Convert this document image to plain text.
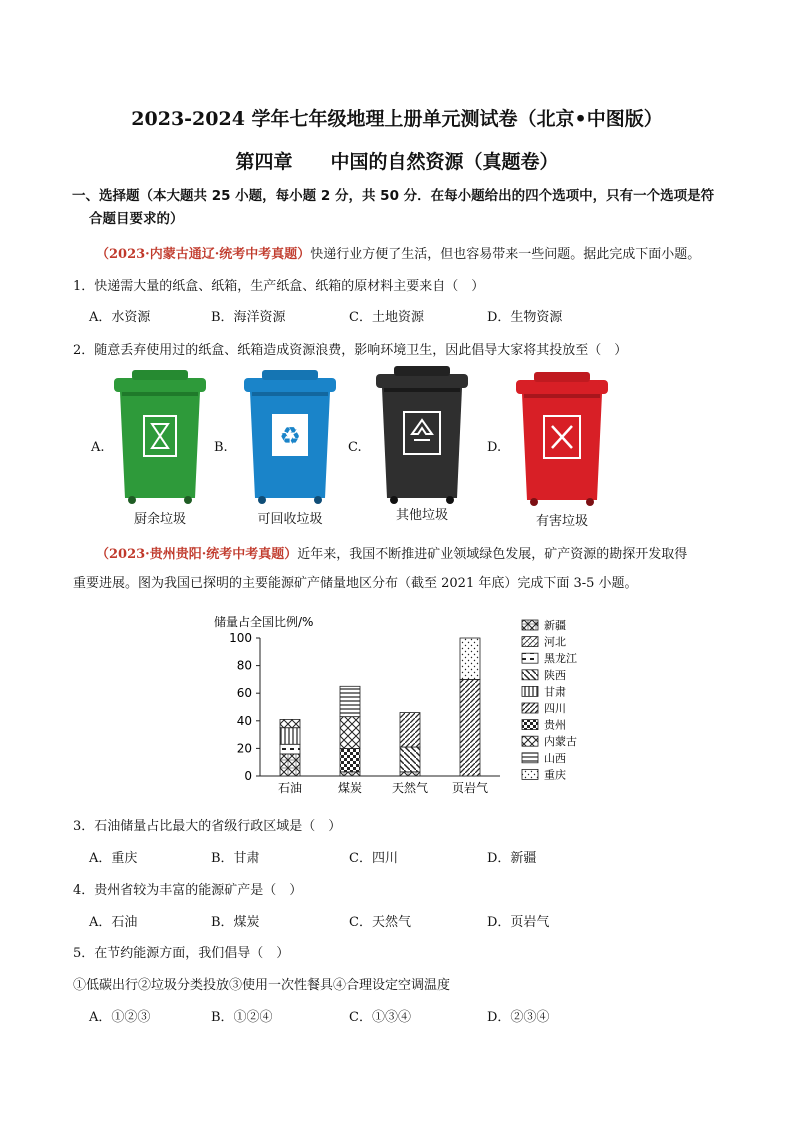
2023-2024 学年七年级地理上册单元测试卷（北京•中图版）
第四章　　中国的自然资源（真题卷）
一、选择题（本大题共 25 小题，每小题 2 分，共 50 分．在每小题给出的四个选项中，只有一个选项是符
合题目要求的）
（2023·内蒙古通辽·统考中考真题）快递行业方便了生活，但也容易带来一些问题。据此完成下面小题。
1．快递需大量的纸盒、纸箱，生产纸盒、纸箱的原材料主要来自（　）
A．水资源	B．海洋资源	C．土地资源	D．生物资源
2．随意丢弃使用过的纸盒、纸箱造成资源浪费，影响环境卫生，因此倡导大家将其投放至（　）
A.	B.	C.	D.
厨余垃圾
♻
可回收垃圾	其他垃圾	有害垃圾
（2023·贵州贵阳·统考中考真题）近年来，我国不断推进矿业领域绿色发展，矿产资源的勘探开发取得
重要进展。图为我国已探明的主要能源矿产储量地区分布（截至 2021 年底）完成下面 3-5 小题。
储量占全国比例/%
0
20
40
60
80
100
石油	煤炭 天然气 页岩气
新疆
河北
黑龙江
陕西
甘肃
四川
贵州
内蒙古
山西
重庆
3．石油储量占比最大的省级行政区域是（　）
A．重庆	B．甘肃	C．四川	D．新疆
4．贵州省较为丰富的能源矿产是（　）
A．石油	B．煤炭	C．天然气	D．页岩气
5．在节约能源方面，我们倡导（　）
①低碳出行②垃圾分类投放③使用一次性餐具④合理设定空调温度
A．①②③	B．①②④	C．①③④	D．②③④
